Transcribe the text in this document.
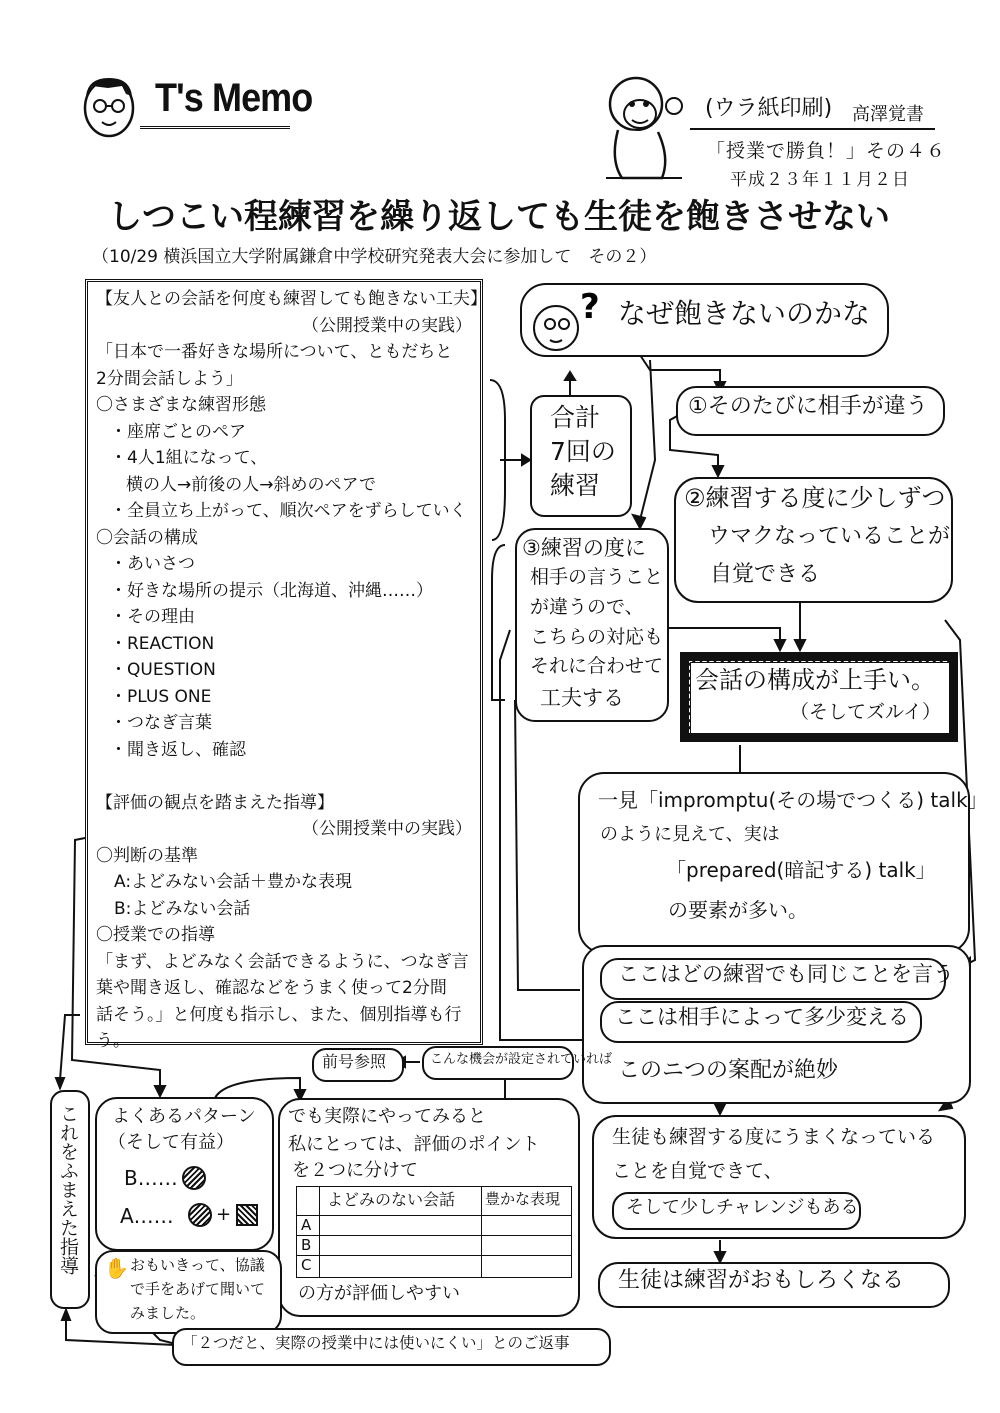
T's Memo	(ウラ紙印刷) 高澤覚書
「授業で勝負！」その４６
平成２３年１１月２日
しつこい程練習を繰り返しても生徒を飽きさせない
（10/29 横浜国立大学附属鎌倉中学校研究発表大会に参加して　その２）

【友人との会話を何度も練習しても飽きない工夫】

（公開授業中の実践）

「日本で一番好きな場所について、ともだちと

2分間会話しよう」

〇さまざまな練習形態

・座席ごとのペア

・4人1組になって、

横の人→前後の人→斜めのペアで

・全員立ち上がって、順次ペアをずらしていく

〇会話の構成

・あいさつ

・好きな場所の提示（北海道、沖縄……）

・その理由

・REACTION

・QUESTION

・PLUS ONE

・つなぎ言葉

・聞き返し、確認

【評価の観点を踏まえた指導】

（公開授業中の実践）

〇判断の基準

A:よどみない会話＋豊かな表現

B:よどみない会話

〇授業での指導

「まず、よどみなく会話できるように、つなぎ言

葉や聞き返し、確認などをうまく使って2分間

話そう。」と何度も指示し、また、個別指導も行

う。

? なぜ飽きないのかな
合計
7回の
練習
①そのたびに相手が違う
②練習する度に少しずつ
ウマクなっていることが
自覚できる
③練習の度に
相手の言うこと
が違うので、
こちらの対応も
それに合わせて
工夫する
会話の構成が上手い。
（そしてズルイ）
一見「impromptu(その場でつくる) talk」
のように見えて、実は
「prepared(暗記する) talk」
の要素が多い。
ここはどの練習でも同じことを言う
ここは相手によって多少変える
このニつの案配が絶妙
生徒も練習する度にうまくなっている
ことを自覚できて、
そして少しチャレンジもある
生徒は練習がおもしろくなる
前号参照	こんな機会が設定されていれば
これをふまえた指導 よくあるパターン
（そして有益）
B……
A…… +
でも実際にやってみると
私にとっては、評価のポイント
を２つに分けて
よどみのない会話 豊かな表現
A
B
C
の方が評価しやすい
✋ おもいきって、協議
で手をあげて聞いて
みました。
「２つだと、実際の授業中には使いにくい」とのご返事
